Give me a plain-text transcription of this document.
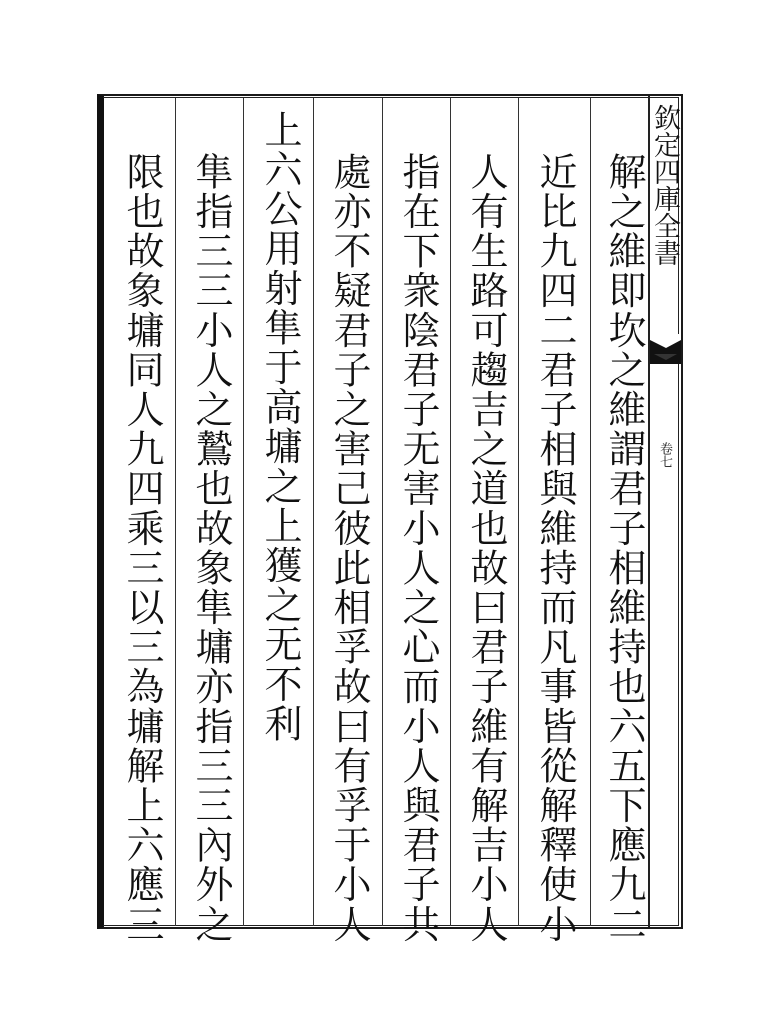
欽定四庫全書
卷七
解之維即坎之維謂君子相維持也六五下應九二
近比九四二君子相與維持而凡事皆從解釋使小
人有生路可趨吉之道也故曰君子維有解吉小人
指在下衆陰君子无害小人之心而小人與君子共
處亦不疑君子之害己彼此相孚故曰有孚于小人
上六公用射隼于高墉之上獲之无不利
隼指三三小人之鷙也故象隼墉亦指三三內外之
限也故象墉同人九四乘三以三為墉解上六應三
